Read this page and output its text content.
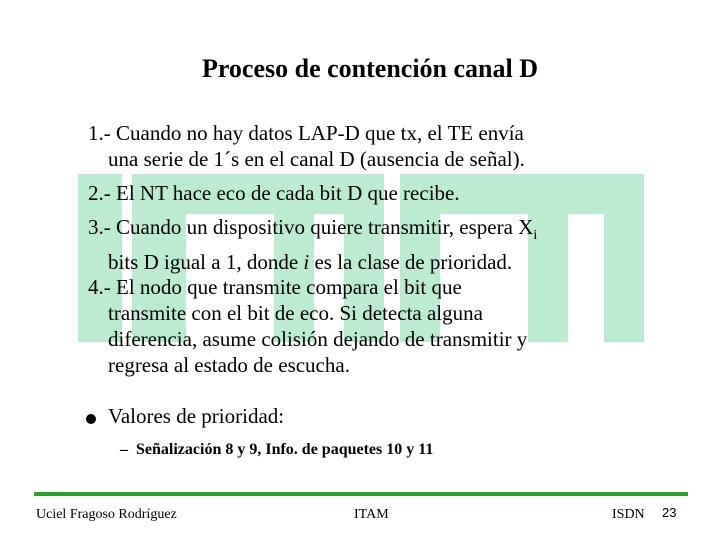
Proceso de contención canal D
1.- Cuando no hay datos LAP-D que tx, el TE envía
una serie de 1´s en el canal D (ausencia de señal).
2.- El NT hace eco de cada bit D que recibe.
3.- Cuando un dispositivo quiere transmitir, espera $X_i$
bits D igual a 1, donde i es la clase de prioridad.
4.- El nodo que transmite compara el bit que
transmite con el bit de eco. Si detecta alguna
diferencia, asume colisión dejando de transmitir y
regresa al estado de escucha.
Valores de prioridad:
– Señalización 8 y 9, Info. de paquetes 10 y 11
Uciel Fragoso Rodríguez	ITAM	ISDN 23
